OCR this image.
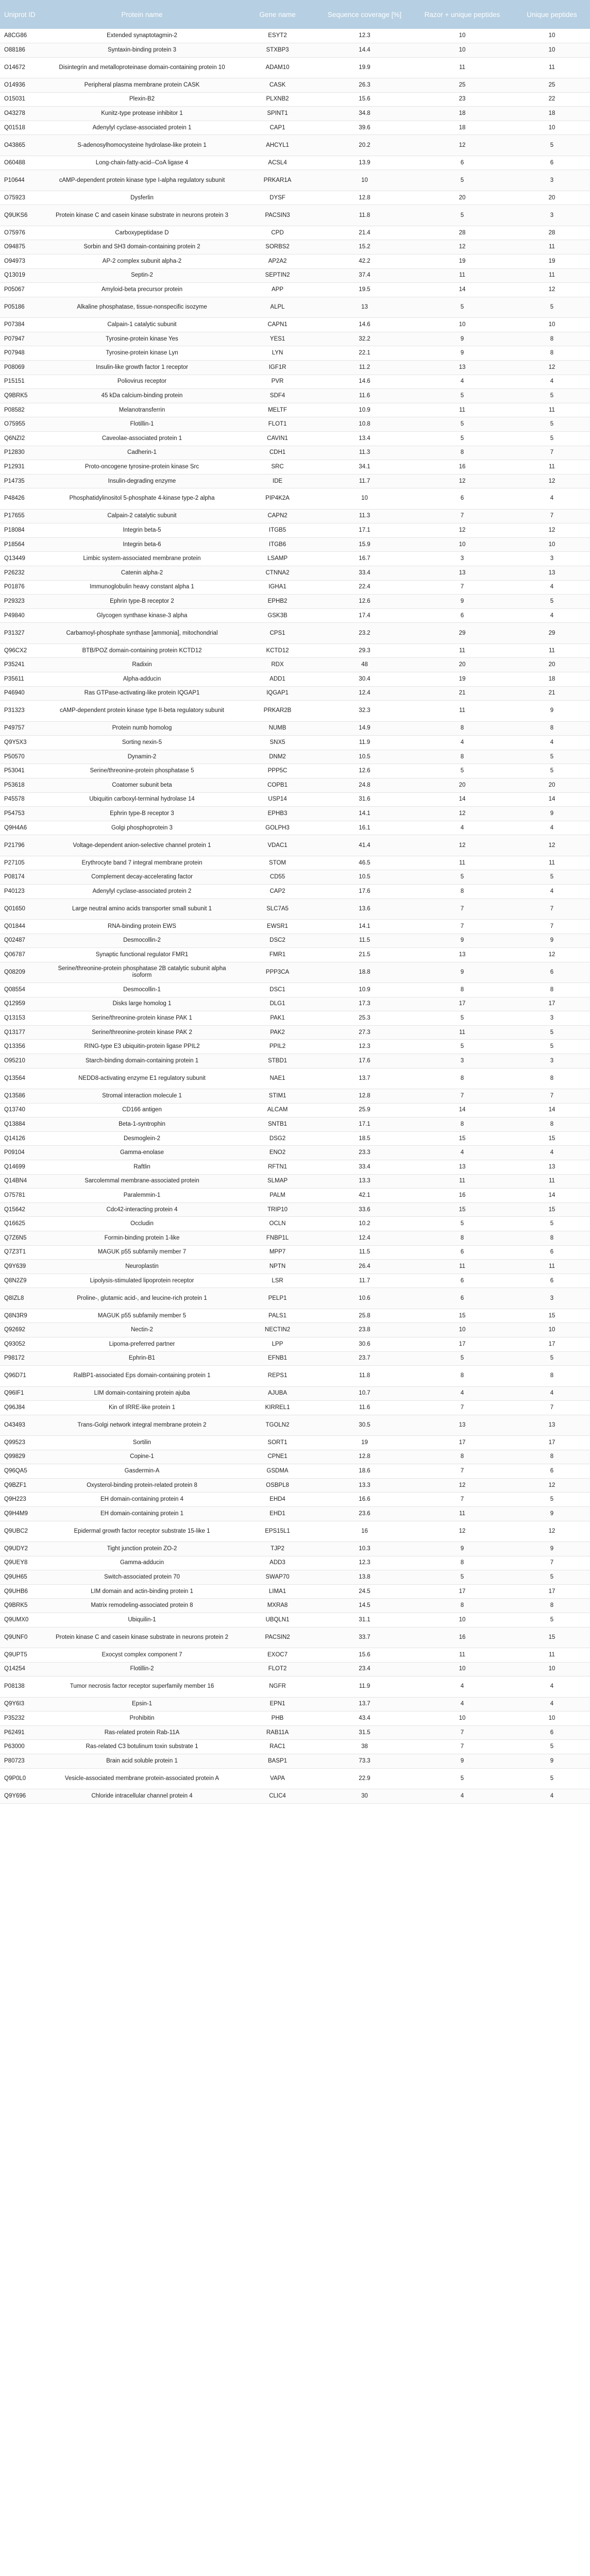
Uniprot ID	Protein name	Gene name	Sequence coverage [%]	Razor + unique peptides	Unique peptides
A8CG86	Extended synaptotagmin-2	ESYT2	12.3	10	10
O88186	Syntaxin-binding protein 3	STXBP3	14.4	10	10
O14672	Disintegrin and metalloproteinase domain-containing protein 10	ADAM10	19.9	11	11
O14936	Peripheral plasma membrane protein CASK	CASK	26.3	25	25
O15031	Plexin-B2	PLXNB2	15.6	23	22
O43278	Kunitz-type protease inhibitor 1	SPINT1	34.8	18	18
Q01518	Adenylyl cyclase-associated protein 1	CAP1	39.6	18	10
O43865	S-adenosylhomocysteine hydrolase-like protein 1	AHCYL1	20.2	12	5
O60488	Long-chain-fatty-acid--CoA ligase 4	ACSL4	13.9	6	6
P10644	cAMP-dependent protein kinase type I-alpha regulatory subunit	PRKAR1A	10	5	3
O75923	Dysferlin	DYSF	12.8	20	20
Q9UKS6	Protein kinase C and casein kinase substrate in neurons protein 3	PACSIN3	11.8	5	3
O75976	Carboxypeptidase D	CPD	21.4	28	28
O94875	Sorbin and SH3 domain-containing protein 2	SORBS2	15.2	12	11
O94973	AP-2 complex subunit alpha-2	AP2A2	42.2	19	19
Q13019	Septin-2	SEPTIN2	37.4	11	11
P05067	Amyloid-beta precursor protein	APP	19.5	14	12
P05186	Alkaline phosphatase, tissue-nonspecific isozyme	ALPL	13	5	5
P07384	Calpain-1 catalytic subunit	CAPN1	14.6	10	10
P07947	Tyrosine-protein kinase Yes	YES1	32.2	9	8
P07948	Tyrosine-protein kinase Lyn	LYN	22.1	9	8
P08069	Insulin-like growth factor 1 receptor	IGF1R	11.2	13	12
P15151	Poliovirus receptor	PVR	14.6	4	4
Q9BRK5	45 kDa calcium-binding protein	SDF4	11.6	5	5
P08582	Melanotransferrin	MELTF	10.9	11	11
O75955	Flotillin-1	FLOT1	10.8	5	5
Q6NZI2	Caveolae-associated protein 1	CAVIN1	13.4	5	5
P12830	Cadherin-1	CDH1	11.3	8	7
P12931	Proto-oncogene tyrosine-protein kinase Src	SRC	34.1	16	11
P14735	Insulin-degrading enzyme	IDE	11.7	12	12
P48426	Phosphatidylinositol 5-phosphate 4-kinase type-2 alpha	PIP4K2A	10	6	4
P17655	Calpain-2 catalytic subunit	CAPN2	11.3	7	7
P18084	Integrin beta-5	ITGB5	17.1	12	12
P18564	Integrin beta-6	ITGB6	15.9	10	10
Q13449	Limbic system-associated membrane protein	LSAMP	16.7	3	3
P26232	Catenin alpha-2	CTNNA2	33.4	13	13
P01876	Immunoglobulin heavy constant alpha 1	IGHA1	22.4	7	4
P29323	Ephrin type-B receptor 2	EPHB2	12.6	9	5
P49840	Glycogen synthase kinase-3 alpha	GSK3B	17.4	6	4
P31327	Carbamoyl-phosphate synthase [ammonia], mitochondrial	CPS1	23.2	29	29
Q96CX2	BTB/POZ domain-containing protein KCTD12	KCTD12	29.3	11	11
P35241	Radixin	RDX	48	20	20
P35611	Alpha-adducin	ADD1	30.4	19	18
P46940	Ras GTPase-activating-like protein IQGAP1	IQGAP1	12.4	21	21
P31323	cAMP-dependent protein kinase type II-beta regulatory subunit	PRKAR2B	32.3	11	9
P49757	Protein numb homolog	NUMB	14.9	8	8
Q9Y5X3	Sorting nexin-5	SNX5	11.9	4	4
P50570	Dynamin-2	DNM2	10.5	8	5
P53041	Serine/threonine-protein phosphatase 5	PPP5C	12.6	5	5
P53618	Coatomer subunit beta	COPB1	24.8	20	20
P45578	Ubiquitin carboxyl-terminal hydrolase 14	USP14	31.6	14	14
P54753	Ephrin type-B receptor 3	EPHB3	14.1	12	9
Q9H4A6	Golgi phosphoprotein 3	GOLPH3	16.1	4	4
P21796	Voltage-dependent anion-selective channel protein 1	VDAC1	41.4	12	12
P27105	Erythrocyte band 7 integral membrane protein	STOM	46.5	11	11
P08174	Complement decay-accelerating factor	CD55	10.5	5	5
P40123	Adenylyl cyclase-associated protein 2	CAP2	17.6	8	4
Q01650	Large neutral amino acids transporter small subunit 1	SLC7A5	13.6	7	7
Q01844	RNA-binding protein EWS	EWSR1	14.1	7	7
Q02487	Desmocollin-2	DSC2	11.5	9	9
Q06787	Synaptic functional regulator FMR1	FMR1	21.5	13	12
Q08209	Serine/threonine-protein phosphatase 2B catalytic subunit alpha isoform	PPP3CA	18.8	9	6
Q08554	Desmocollin-1	DSC1	10.9	8	8
Q12959	Disks large homolog 1	DLG1	17.3	17	17
Q13153	Serine/threonine-protein kinase PAK 1	PAK1	25.3	5	3
Q13177	Serine/threonine-protein kinase PAK 2	PAK2	27.3	11	5
Q13356	RING-type E3 ubiquitin-protein ligase PPIL2	PPIL2	12.3	5	5
O95210	Starch-binding domain-containing protein 1	STBD1	17.6	3	3
Q13564	NEDD8-activating enzyme E1 regulatory subunit	NAE1	13.7	8	8
Q13586	Stromal interaction molecule 1	STIM1	12.8	7	7
Q13740	CD166 antigen	ALCAM	25.9	14	14
Q13884	Beta-1-syntrophin	SNTB1	17.1	8	8
Q14126	Desmoglein-2	DSG2	18.5	15	15
P09104	Gamma-enolase	ENO2	23.3	4	4
Q14699	Raftlin	RFTN1	33.4	13	13
Q14BN4	Sarcolemmal membrane-associated protein	SLMAP	13.3	11	11
O75781	Paralemmin-1	PALM	42.1	16	14
Q15642	Cdc42-interacting protein 4	TRIP10	33.6	15	15
Q16625	Occludin	OCLN	10.2	5	5
Q7Z6N5	Formin-binding protein 1-like	FNBP1L	12.4	8	8
Q7Z3T1	MAGUK p55 subfamily member 7	MPP7	11.5	6	6
Q9Y639	Neuroplastin	NPTN	26.4	11	11
Q8N2Z9	Lipolysis-stimulated lipoprotein receptor	LSR	11.7	6	6
Q8IZL8	Proline-, glutamic acid-, and leucine-rich protein 1	PELP1	10.6	6	3
Q8N3R9	MAGUK p55 subfamily member 5	PALS1	25.8	15	15
Q92692	Nectin-2	NECTIN2	23.8	10	10
Q93052	Lipoma-preferred partner	LPP	30.6	17	17
P98172	Ephrin-B1	EFNB1	23.7	5	5
Q96D71	RalBP1-associated Eps domain-containing protein 1	REPS1	11.8	8	8
Q96IF1	LIM domain-containing protein ajuba	AJUBA	10.7	4	4
Q96J84	Kin of IRRE-like protein 1	KIRREL1	11.6	7	7
O43493	Trans-Golgi network integral membrane protein 2	TGOLN2	30.5	13	13
Q99523	Sortilin	SORT1	19	17	17
Q99829	Copine-1	CPNE1	12.8	8	8
Q96QA5	Gasdermin-A	GSDMA	18.6	7	6
Q9BZF1	Oxysterol-binding protein-related protein 8	OSBPL8	13.3	12	12
Q9H223	EH domain-containing protein 4	EHD4	16.6	7	5
Q9H4M9	EH domain-containing protein 1	EHD1	23.6	11	9
Q9UBC2	Epidermal growth factor receptor substrate 15-like 1	EPS15L1	16	12	12
Q9UDY2	Tight junction protein ZO-2	TJP2	10.3	9	9
Q9UEY8	Gamma-adducin	ADD3	12.3	8	7
Q9UH65	Switch-associated protein 70	SWAP70	13.8	5	5
Q9UHB6	LIM domain and actin-binding protein 1	LIMA1	24.5	17	17
Q9BRK5	Matrix remodeling-associated protein 8	MXRA8	14.5	8	8
Q9UMX0	Ubiquilin-1	UBQLN1	31.1	10	5
Q9UNF0	Protein kinase C and casein kinase substrate in neurons protein 2	PACSIN2	33.7	16	15
Q9UPT5	Exocyst complex component 7	EXOC7	15.6	11	11
Q14254	Flotillin-2	FLOT2	23.4	10	10
P08138	Tumor necrosis factor receptor superfamily member 16	NGFR	11.9	4	4
Q9Y6I3	Epsin-1	EPN1	13.7	4	4
P35232	Prohibitin	PHB	43.4	10	10
P62491	Ras-related protein Rab-11A	RAB11A	31.5	7	6
P63000	Ras-related C3 botulinum toxin substrate 1	RAC1	38	7	5
P80723	Brain acid soluble protein 1	BASP1	73.3	9	9
Q9P0L0	Vesicle-associated membrane protein-associated protein A	VAPA	22.9	5	5
Q9Y696	Chloride intracellular channel protein 4	CLIC4	30	4	4
